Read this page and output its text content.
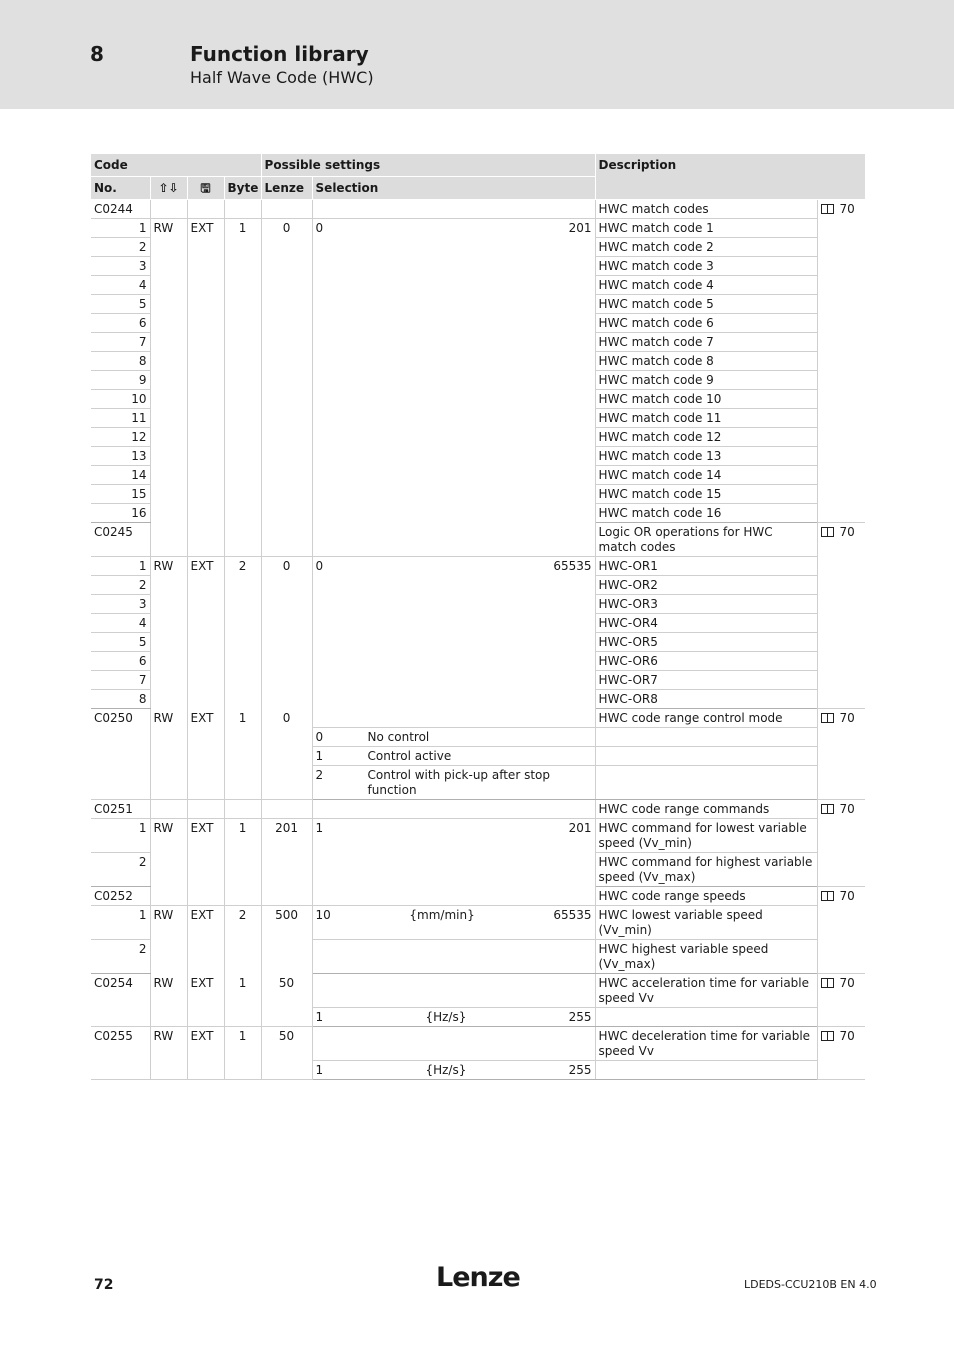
8	Function library
Half Wave Code (HWC)
Code				Possible settings		Description	
No.	⇧⇩	🖫	Byte	Lenze	Selection		
C0244						HWC match codes	70
1	RW	EXT	1	0	0 201	HWC match code 1	
2						HWC match code 2	
3						HWC match code 3	
4						HWC match code 4	
5						HWC match code 5	
6						HWC match code 6	
7						HWC match code 7	
8						HWC match code 8	
9						HWC match code 9	
10						HWC match code 10	
11						HWC match code 11	
12						HWC match code 12	
13						HWC match code 13	
14						HWC match code 14	
15						HWC match code 15	
16						HWC match code 16	
C0245						Logic OR operations for HWC match codes	70
1	RW	EXT	2	0	0 65535	HWC-OR1	
2						HWC-OR2	
3						HWC-OR3	
4						HWC-OR4	
5						HWC-OR5	
6						HWC-OR6	
7						HWC-OR7	
8						HWC-OR8	
C0250	RW	EXT	1	0		HWC code range control mode	70

					0 No control		

					1 Control active		

					2 Control with pick-up after stop function		

C0251						HWC code range commands	70
1	RW	EXT	1	201	1 201	HWC command for lowest variable speed (Vv_min)	
2						HWC command for highest variable speed (Vv_max)	
C0252						HWC code range speeds	70
1	RW	EXT	2	500	10 {mm/min} 65535	HWC lowest variable speed (Vv_min)	
2						HWC highest variable speed (Vv_max)	
C0254	RW	EXT	1	50		HWC acceleration time for variable speed Vv	70

					1 {Hz/s} 255		

C0255	RW	EXT	1	50		HWC deceleration time for variable speed Vv	70

					1 {Hz/s} 255		

72	Lenze	LDEDS-CCU210B EN 4.0
